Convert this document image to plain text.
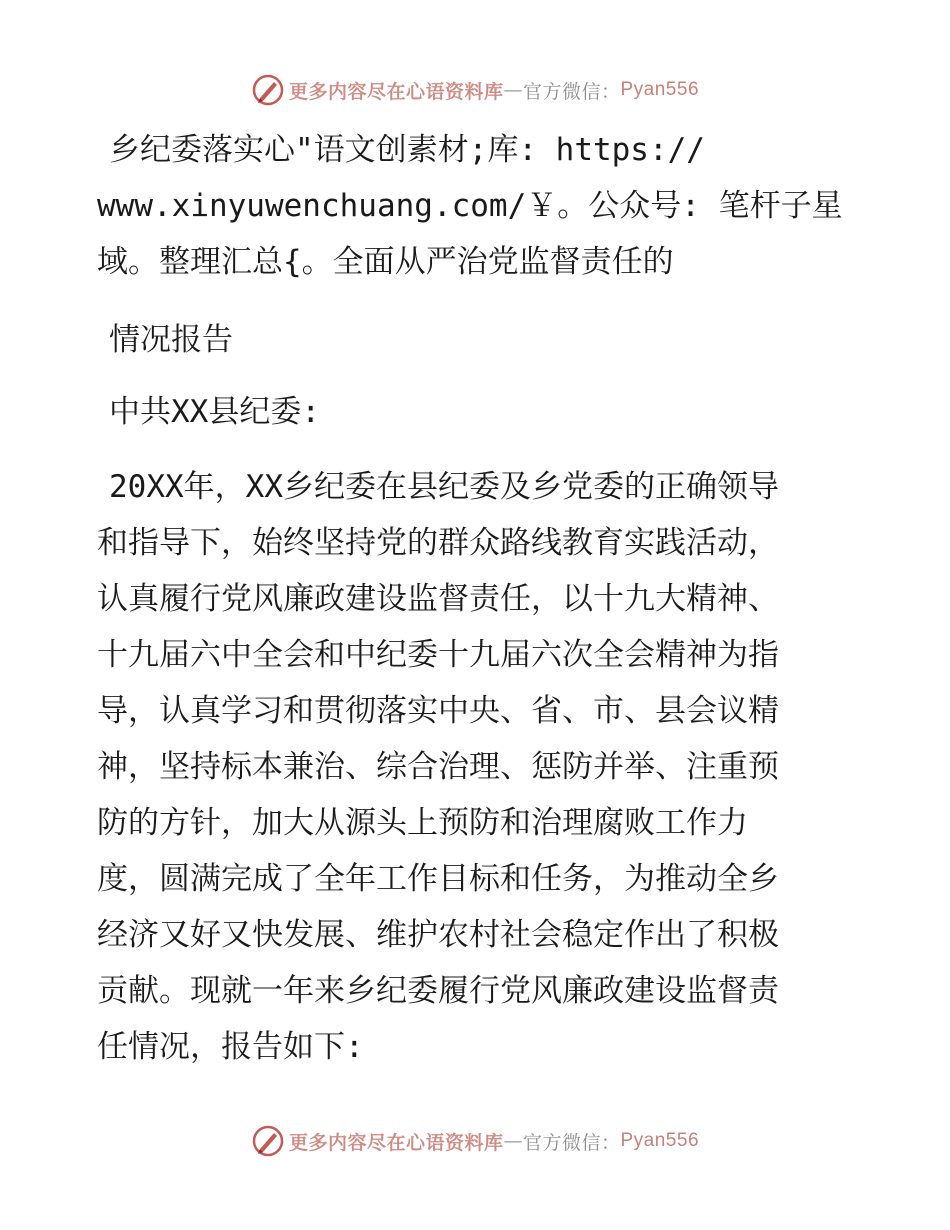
更多内容尽在心语资料库 — 官方微信： Pyan556
乡纪委落实心"语文创素材;库: https://
www.xinyuwenchuang.com/￥。公众号: 笔杆子星
域。整理汇总{。全面从严治党监督责任的
情况报告
中共XX县纪委:
20XX年，XX乡纪委在县纪委及乡党委的正确领导
和指导下，始终坚持党的群众路线教育实践活动，
认真履行党风廉政建设监督责任，以十九大精神、
十九届六中全会和中纪委十九届六次全会精神为指
导，认真学习和贯彻落实中央、省、市、县会议精
神，坚持标本兼治、综合治理、惩防并举、注重预
防的方针，加大从源头上预防和治理腐败工作力
度，圆满完成了全年工作目标和任务，为推动全乡
经济又好又快发展、维护农村社会稳定作出了积极
贡献。现就一年来乡纪委履行党风廉政建设监督责
任情况，报告如下:
更多内容尽在心语资料库 — 官方微信： Pyan556
